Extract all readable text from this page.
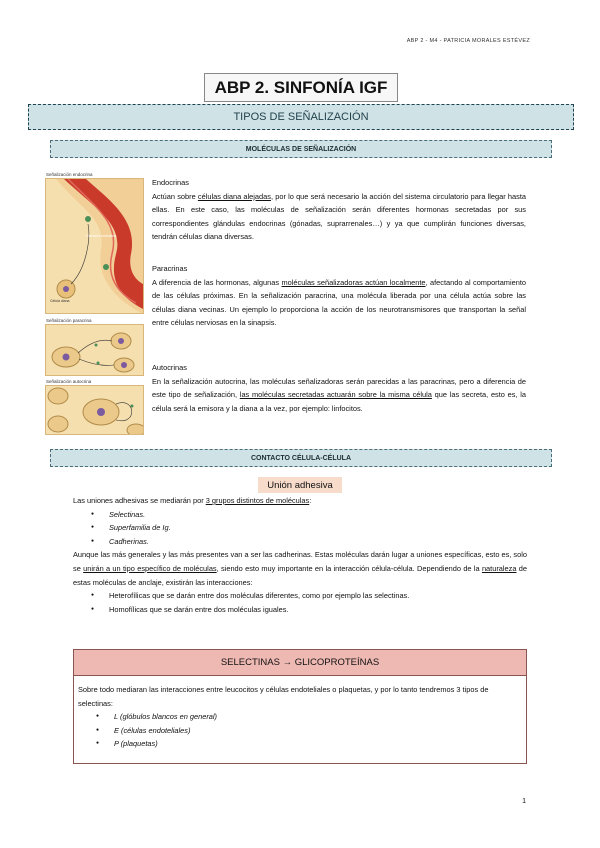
ABP 2 - M4 - PATRICIA MORALES ESTÉVEZ
ABP 2. SINFONÍA IGF
TIPOS DE SEÑALIZACIÓN
MOLÉCULAS DE SEÑALIZACIÓN
Señalización endocrina
Glándula endocrina
Célula diana
Señalización paracrina
Señalización autocrina
Endocrinas
Actúan sobre células diana alejadas, por lo que será necesario la acción del sistema circulatorio para llegar hasta ellas. En este caso, las moléculas de señalización serán diferentes hormonas secretadas por sus correspondientes glándulas endocrinas (gónadas, suprarrenales…) y ya que cumplirán funciones diversas, tendrán células diana diversas.
Paracrinas
A diferencia de las hormonas, algunas moléculas señalizadoras actúan localmente, afectando al comportamiento de las células próximas. En la señalización paracrina, una molécula liberada por una célula actúa sobre las células diana vecinas. Un ejemplo lo proporciona la acción de los neurotransmisores que transportan la señal entre células nerviosas en la sinapsis.
Autocrinas
En la señalización autocrina, las moléculas señalizadoras serán parecidas a las paracrinas, pero a diferencia de este tipo de señalización, las moléculas secretadas actuarán sobre la misma célula que las secreta, esto es, la célula será la emisora y la diana a la vez, por ejemplo: linfocitos.
CONTACTO CÉLULA-CÉLULA
Unión adhesiva
Las uniones adhesivas se mediarán por 3 grupos distintos de moléculas:
● Selectinas.
● Superfamilia de Ig.
● Cadherinas.
Aunque las más generales y las más presentes van a ser las cadherinas. Estas moléculas darán lugar a uniones específicas, esto es, solo se unirán a un tipo específico de moléculas, siendo esto muy importante en la interacción célula-célula. Dependiendo de la naturaleza de estas moléculas de anclaje, existirán las interacciones:
● Heterofílicas que se darán entre dos moléculas diferentes, como por ejemplo las selectinas.
● Homofílicas que se darán entre dos moléculas iguales.
SELECTINAS → GLICOPROTEÍNAS
Sobre todo mediaran las interacciones entre leucocitos y células endoteliales o plaquetas, y por lo tanto tendremos 3 tipos de selectinas:
● L (glóbulos blancos en general)
● E (células endoteliales)
● P (plaquetas)
1
